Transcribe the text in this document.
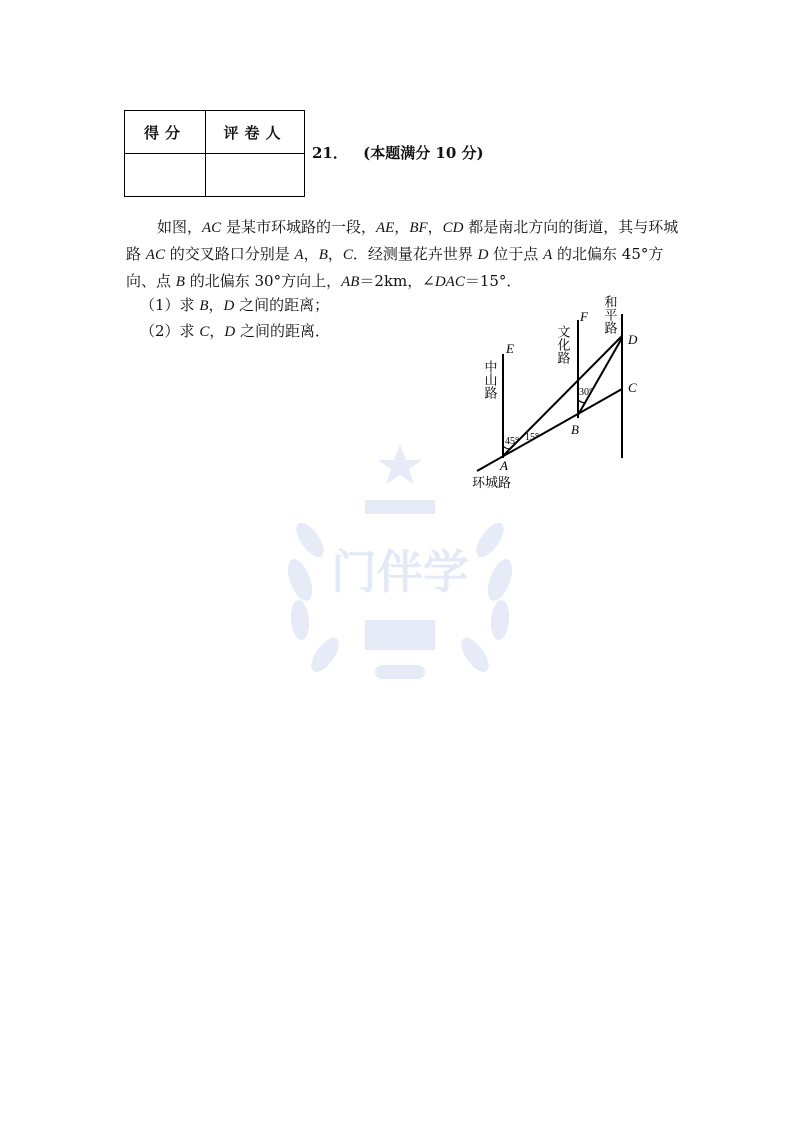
门伴学
得分	评卷人

21． (本题满分 10 分)
如图，AC 是某市环城路的一段，AE，BF，CD 都是南北方向的街道，其与环城路 AC 的交叉路口分别是 A，B，C．经测量花卉世界 D 位于点 A 的北偏东 45°方向、点 B 的北偏东 30°方向上，AB＝2km，∠DAC＝15°．
（1）求 B，D 之间的距离；
（2）求 C，D 之间的距离．
E
F
D
C
B
A
45° 15°
30°
中山路
文化路
和平路
环城路
